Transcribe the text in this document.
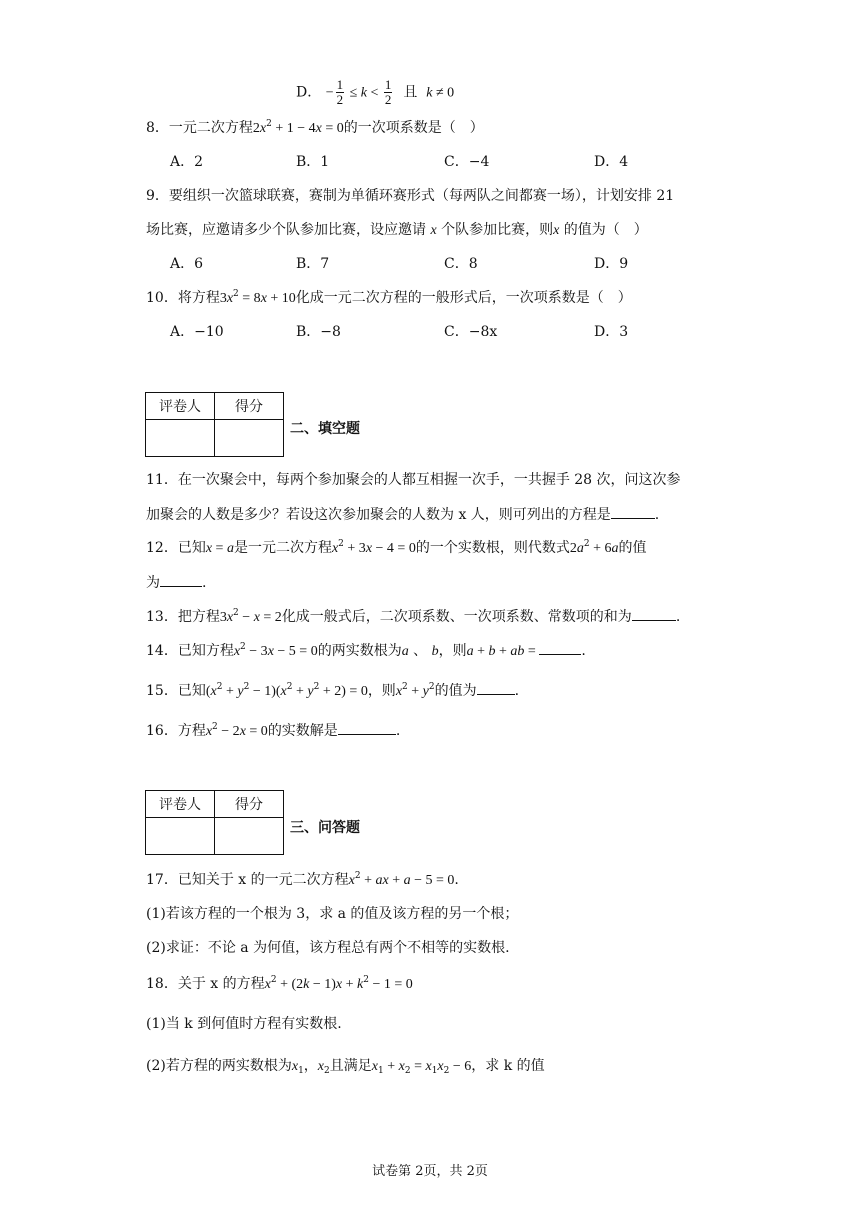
D． − $\frac{1}{2} \le k < \frac{1}{2}$ 且 k ≠ 0
8．一元二次方程$2x^2 + 1 - 4x = 0$的一次项系数是（　）
A．2	B．1	C．−4	D．4
9．要组织一次篮球联赛，赛制为单循环赛形式（每两队之间都赛一场），计划安排 21
场比赛，应邀请多少个队参加比赛，设应邀请 x 个队参加比赛，则x 的值为（　）
A．6	B．7	C．8	D．9
10．将方程$3x^2 = 8x + 10$化成一元二次方程的一般形式后，一次项系数是（　）
A．−10	B．−8	C．−8x	D．3
评卷人	得分

二、填空题
11．在一次聚会中，每两个参加聚会的人都互相握一次手，一共握手 28 次，问这次参
加聚会的人数是多少？若设这次参加聚会的人数为 x 人，则可列出的方程是	.
12．已知x = a是一元二次方程$x^2 + 3x - 4 = 0$的一个实数根，则代数式$2a^2 + 6a$的值
为	.
13．把方程$3x^2 - x = 2$化成一般式后，二次项系数、一次项系数、常数项的和为	.
14．已知方程$x^2 - 3x - 5 = 0$的两实数根为a 、 b，则a + b + ab =	.
15．已知$(x^2 + y^2 - 1)(x^2 + y^2 + 2) = 0$，则$x^2 + y^2$的值为	.
16．方程$x^2 - 2x = 0$的实数解是	.
评卷人	得分

三、问答题
17．已知关于 x 的一元二次方程$x^2$ + ax + a − 5 = 0.
(1)若该方程的一个根为 3，求 a 的值及该方程的另一个根；
(2)求证：不论 a 为何值，该方程总有两个不相等的实数根.
18．关于 x 的方程$x^2 + (2k - 1)x + k^2 - 1 = 0$
(1)当 k 到何值时方程有实数根.
(2)若方程的两实数根为$x_1$，$x_2$且满足$x_1 + x_2 = x_1x_2 - 6$，求 k 的值
试卷第 2页，共 2页
